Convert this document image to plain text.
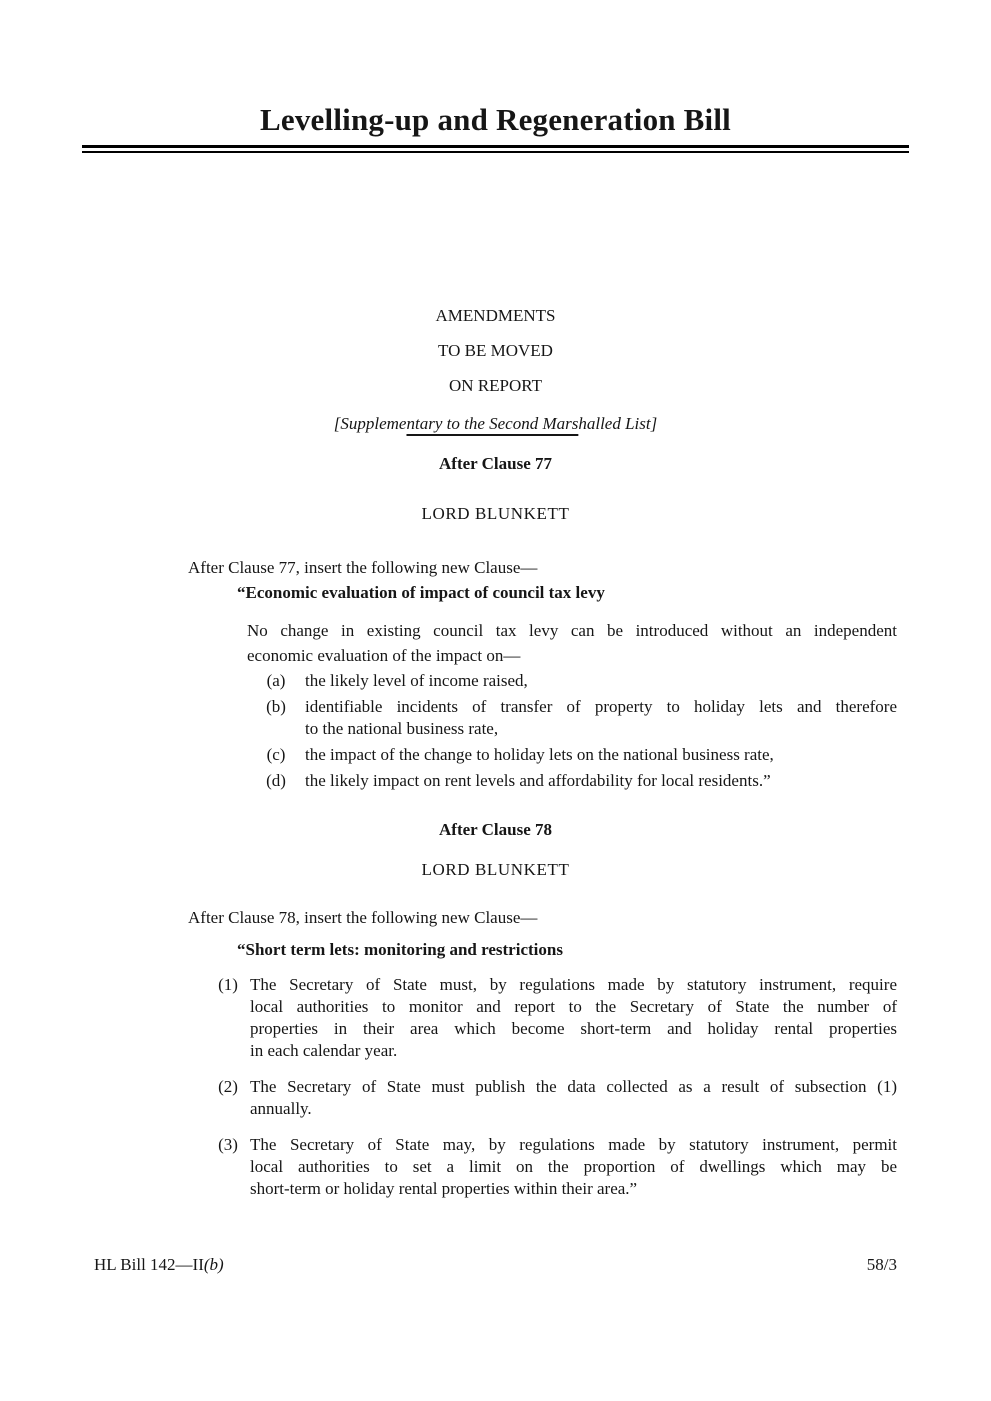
Levelling-up and Regeneration Bill
AMENDMENTS
TO BE MOVED
ON REPORT
[Supplementary to the Second Marshalled List]
After Clause 77
LORD BLUNKETT
After Clause 77, insert the following new Clause—
“Economic evaluation of impact of council tax levy
No change in existing council tax levy can be introduced without an independent
economic evaluation of the impact on—
(a)	the likely level of income raised,
(b)	identifiable incidents of transfer of property to holiday lets and therefore
to the national business rate,
(c)	the impact of the change to holiday lets on the national business rate,
(d)	the likely impact on rent levels and affordability for local residents.”
After Clause 78
LORD BLUNKETT
After Clause 78, insert the following new Clause—
“Short term lets: monitoring and restrictions
(1) The Secretary of State must, by regulations made by statutory instrument, require
local authorities to monitor and report to the Secretary of State the number of
properties in their area which become short-term and holiday rental properties
in each calendar year.
(2) The Secretary of State must publish the data collected as a result of subsection (1)
annually.
(3) The Secretary of State may, by regulations made by statutory instrument, permit
local authorities to set a limit on the proportion of dwellings which may be
short-term or holiday rental properties within their area.”
HL Bill 142—II(b)	58/3
